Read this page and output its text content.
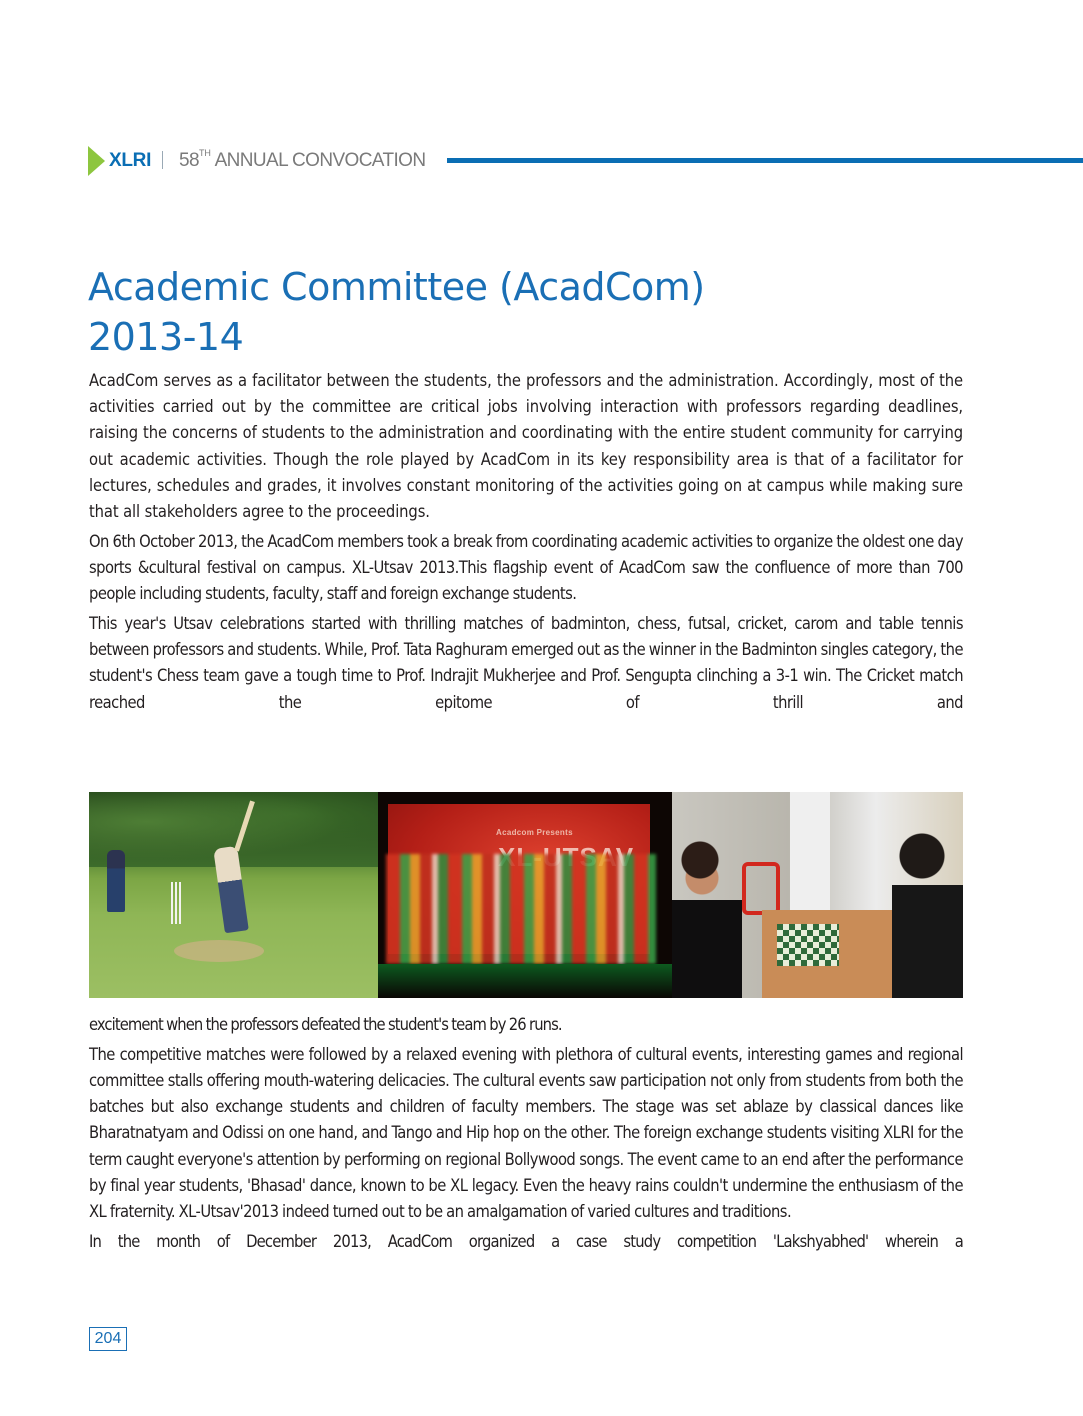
XLRI 58TH ANNUAL CONVOCATION
Academic Committee (AcadCom)
2013-14

AcadCom serves as a facilitator between the students, the professors and the administration. Accordingly, most of the activities carried out by the committee are critical jobs involving interaction with professors regarding deadlines, raising the concerns of students to the administration and coordinating with the entire student community for carrying out academic activities. Though the role played by AcadCom in its key responsibility area is that of a facilitator for lectures, schedules and grades, it involves constant monitoring of the activities going on at campus while making sure that all stakeholders agree to the proceedings.

On 6th October 2013, the AcadCom members took a break from coordinating academic activities to organize the oldest one day sports &cultural festival on campus. XL-Utsav 2013.This flagship event of AcadCom saw the confluence of more than 700 people including students, faculty, staff and foreign exchange students.

This year's Utsav celebrations started with thrilling matches of badminton, chess, futsal, cricket, carom and table tennis between professors and students. While, Prof. Tata Raghuram emerged out as the winner in the Badminton singles category, the student's Chess team gave a tough time to Prof. Indrajit Mukherjee and Prof. Sengupta clinching a 3-1 win. The Cricket match reached the epitome of thrill and

Acadcom Presents

excitement when the professors defeated the student's team by 26 runs.

The competitive matches were followed by a relaxed evening with plethora of cultural events, interesting games and regional committee stalls offering mouth-watering delicacies. The cultural events saw participation not only from students from both the batches but also exchange students and children of faculty members. The stage was set ablaze by classical dances like Bharatnatyam and Odissi on one hand, and Tango and Hip hop on the other. The foreign exchange students visiting XLRI for the term caught everyone's attention by performing on regional Bollywood songs. The event came to an end after the performance by final year students, 'Bhasad' dance, known to be XL legacy. Even the heavy rains couldn't undermine the enthusiasm of the XL fraternity. XL-Utsav'2013 indeed turned out to be an amalgamation of varied cultures and traditions.

In the month of December 2013, AcadCom organized a case study competition 'Lakshyabhed' wherein a

204
